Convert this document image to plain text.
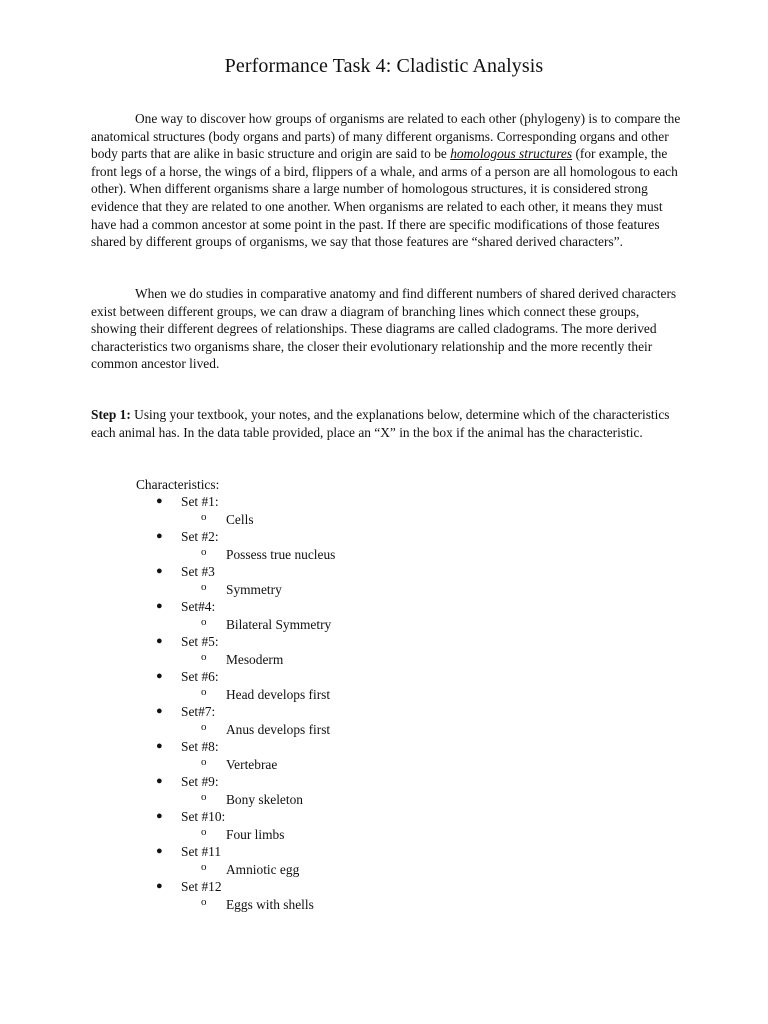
Performance Task 4: Cladistic Analysis

One way to discover how groups of organisms are related to each other (phylogeny) is to compare the anatomical structures (body organs and parts) of many different organisms. Corresponding organs and other body parts that are alike in basic structure and origin are said to be homologous structures (for example, the front legs of a horse, the wings of a bird, flippers of a whale, and arms of a person are all homologous to each other). When different organisms share a large number of homologous structures, it is considered strong evidence that they are related to one another. When organisms are related to each other, it means they must have had a common ancestor at some point in the past. If there are specific modifications of those features shared by different groups of organisms, we say that those features are “shared derived characters”.

When we do studies in comparative anatomy and find different numbers of shared derived characters exist between different groups, we can draw a diagram of branching lines which connect these groups, showing their different degrees of relationships. These diagrams are called cladograms. The more derived characteristics two organisms share, the closer their evolutionary relationship and the more recently their common ancestor lived.

Step 1: Using your textbook, your notes, and the explanations below, determine which of the characteristics each animal has. In the data table provided, place an “X” in the box if the animal has the characteristic.

Characteristics:
● Set #1:
o Cells
● Set #2:
o Possess true nucleus
● Set #3
o Symmetry
● Set#4:
o Bilateral Symmetry
● Set #5:
o Mesoderm
● Set #6:
o Head develops first
● Set#7:
o Anus develops first
● Set #8:
o Vertebrae
● Set #9:
o Bony skeleton
● Set #10:
o Four limbs
● Set #11
o Amniotic egg
● Set #12
o Eggs with shells
